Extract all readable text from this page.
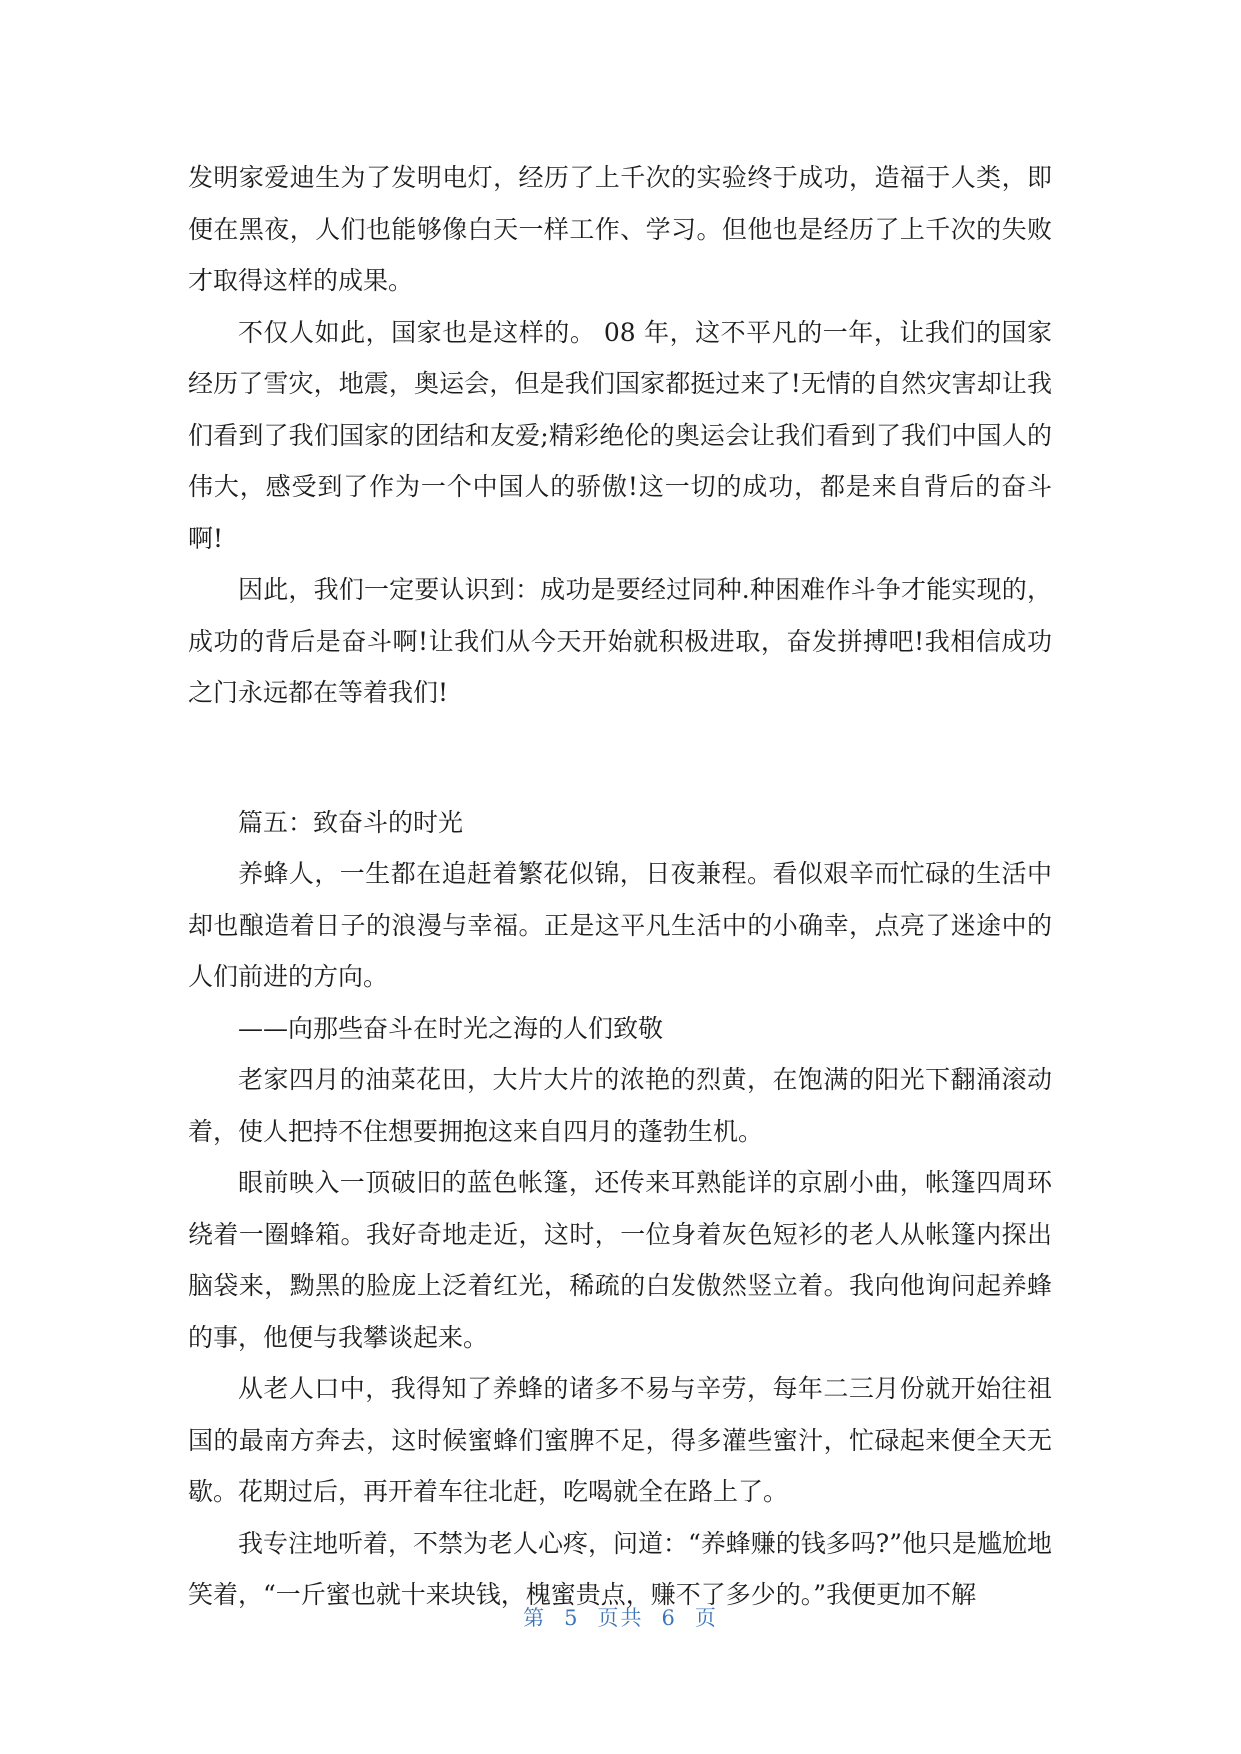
发明家爱迪生为了发明电灯，经历了上千次的实验终于成功，造福于人类，即便在黑夜，人们也能够像白天一样工作、学习。但他也是经历了上千次的失败才取得这样的成果。

不仅人如此，国家也是这样的。 08 年，这不平凡的一年，让我们的国家经历了雪灾，地震，奥运会，但是我们国家都挺过来了!无情的自然灾害却让我们看到了我们国家的团结和友爱;精彩绝伦的奥运会让我们看到了我们中国人的伟大，感受到了作为一个中国人的骄傲!这一切的成功，都是来自背后的奋斗啊!

因此，我们一定要认识到：成功是要经过同种.种困难作斗争才能实现的，成功的背后是奋斗啊!让我们从今天开始就积极进取，奋发拼搏吧!我相信成功之门永远都在等着我们!

篇五：致奋斗的时光

养蜂人，一生都在追赶着繁花似锦，日夜兼程。看似艰辛而忙碌的生活中却也酿造着日子的浪漫与幸福。正是这平凡生活中的小确幸，点亮了迷途中的人们前进的方向。

——向那些奋斗在时光之海的人们致敬

老家四月的油菜花田，大片大片的浓艳的烈黄，在饱满的阳光下翻涌滚动着，使人把持不住想要拥抱这来自四月的蓬勃生机。

眼前映入一顶破旧的蓝色帐篷，还传来耳熟能详的京剧小曲，帐篷四周环绕着一圈蜂箱。我好奇地走近，这时，一位身着灰色短衫的老人从帐篷内探出脑袋来，黝黑的脸庞上泛着红光，稀疏的白发傲然竖立着。我向他询问起养蜂的事，他便与我攀谈起来。

从老人口中，我得知了养蜂的诸多不易与辛劳，每年二三月份就开始往祖国的最南方奔去，这时候蜜蜂们蜜脾不足，得多灌些蜜汁，忙碌起来便全天无歇。花期过后，再开着车往北赶，吃喝就全在路上了。

我专注地听着，不禁为老人心疼，问道：“养蜂赚的钱多吗?”他只是尴尬地笑着，“一斤蜜也就十来块钱，槐蜜贵点，赚不了多少的。”我便更加不解

第 5 页共 6 页
